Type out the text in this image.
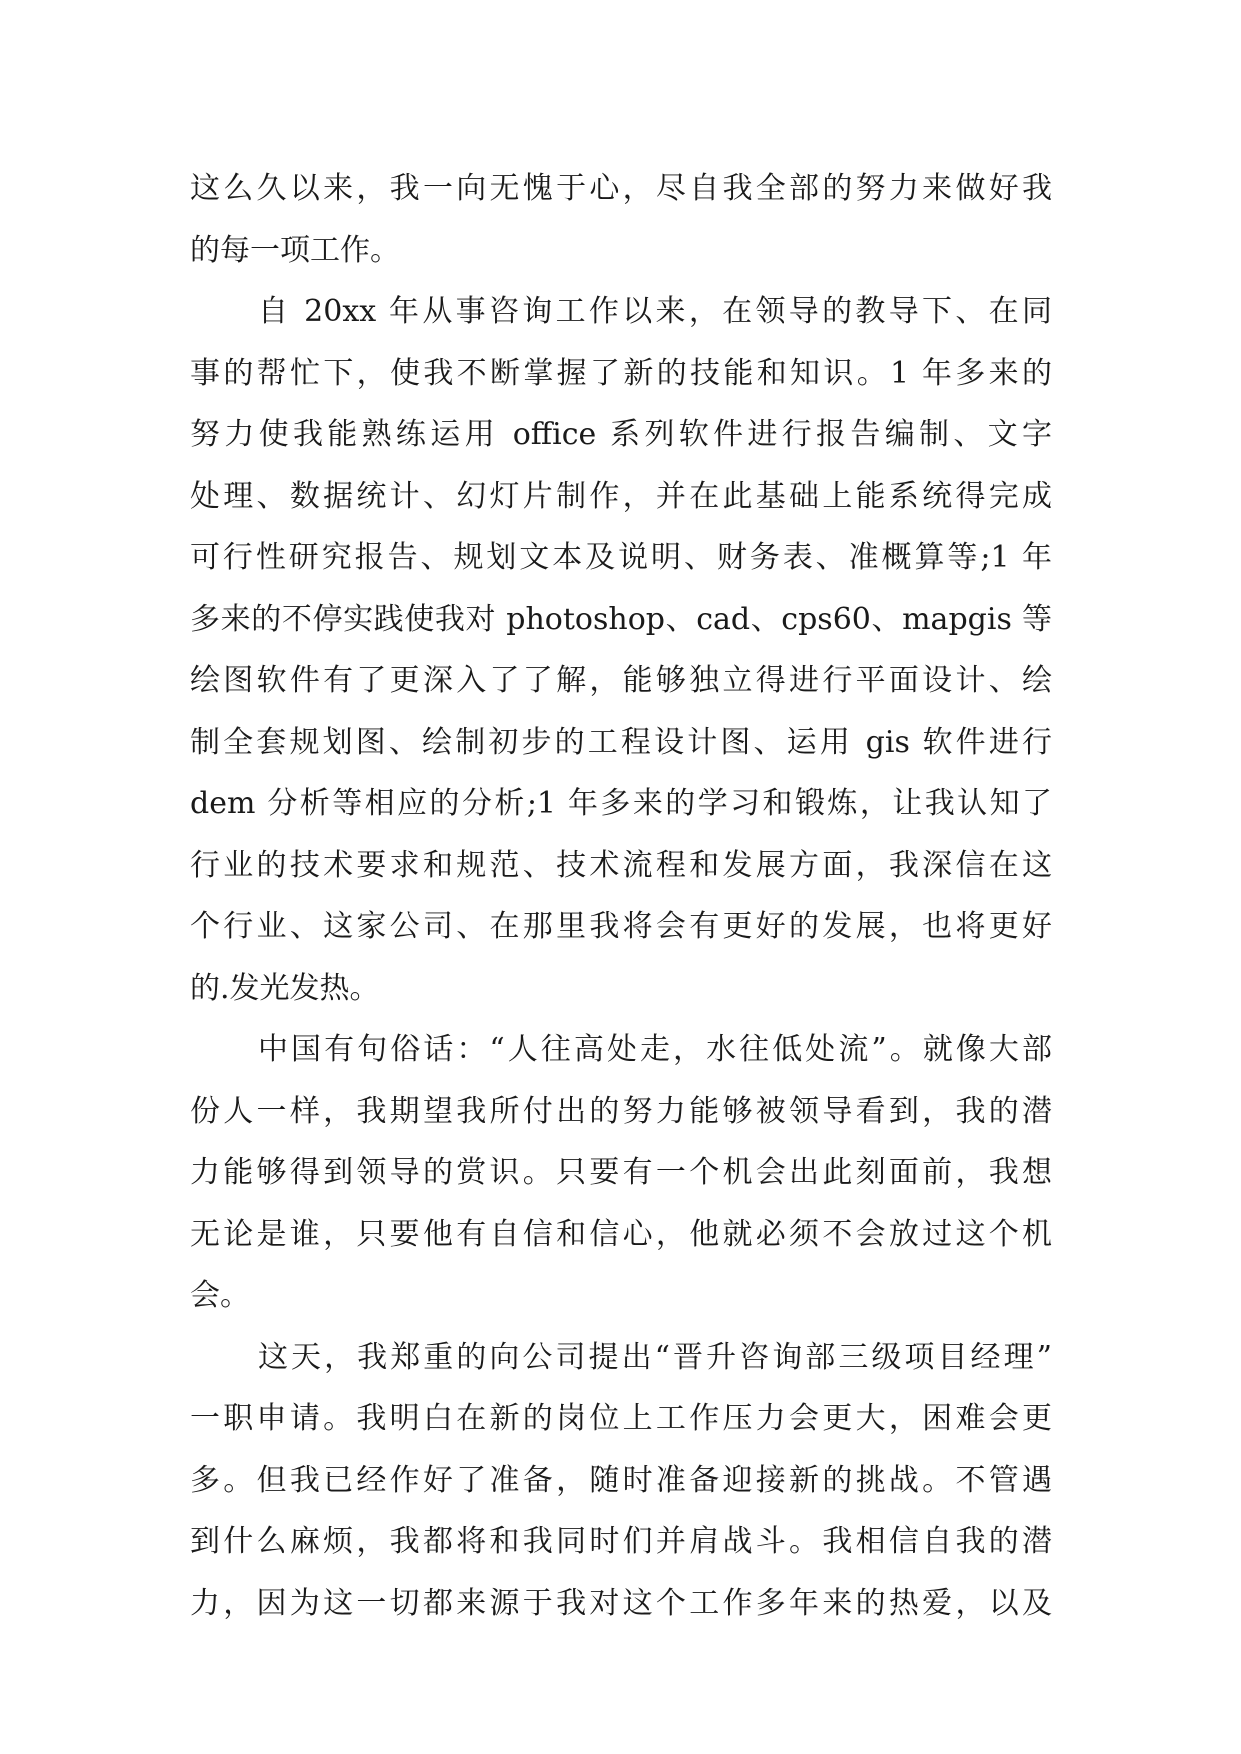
这么久以来，我一向无愧于心，尽自我全部的努力来做好我
的每一项工作。
自 20xx 年从事咨询工作以来，在领导的教导下、在同
事的帮忙下，使我不断掌握了新的技能和知识。1 年多来的
努力使我能熟练运用 office 系列软件进行报告编制、文字
处理、数据统计、幻灯片制作，并在此基础上能系统得完成
可行性研究报告、规划文本及说明、财务表、准概算等;1 年
多来的不停实践使我对 photoshop、cad、cps60、mapgis 等
绘图软件有了更深入了了解，能够独立得进行平面设计、绘
制全套规划图、绘制初步的工程设计图、运用 gis 软件进行
dem 分析等相应的分析;1 年多来的学习和锻炼，让我认知了
行业的技术要求和规范、技术流程和发展方面，我深信在这
个行业、这家公司、在那里我将会有更好的发展，也将更好
的.发光发热。
中国有句俗话：“人往高处走，水往低处流”。就像大部
份人一样，我期望我所付出的努力能够被领导看到，我的潜
力能够得到领导的赏识。只要有一个机会出此刻面前，我想
无论是谁，只要他有自信和信心，他就必须不会放过这个机
会。
这天，我郑重的向公司提出“晋升咨询部三级项目经理”
一职申请。我明白在新的岗位上工作压力会更大，困难会更
多。但我已经作好了准备，随时准备迎接新的挑战。不管遇
到什么麻烦，我都将和我同时们并肩战斗。我相信自我的潜
力，因为这一切都来源于我对这个工作多年来的热爱，以及
